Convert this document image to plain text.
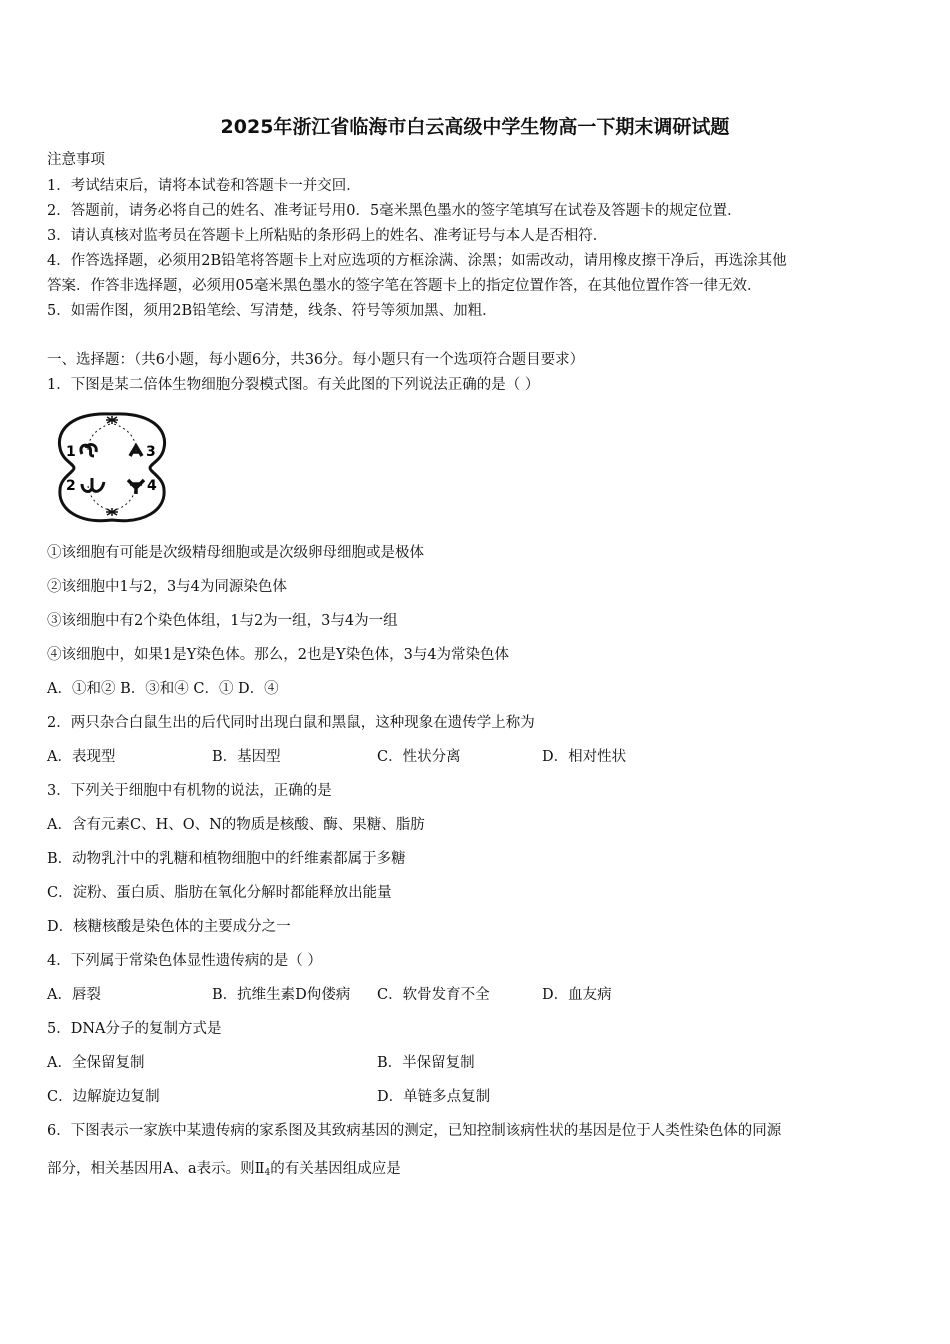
2025年浙江省临海市白云高级中学生物高一下期末调研试题
注意事项
1．考试结束后，请将本试卷和答题卡一并交回．
2．答题前，请务必将自己的姓名、准考证号用0．5毫米黑色墨水的签字笔填写在试卷及答题卡的规定位置．
3．请认真核对监考员在答题卡上所粘贴的条形码上的姓名、准考证号与本人是否相符．
4．作答选择题，必须用2B铅笔将答题卡上对应选项的方框涂满、涂黑；如需改动，请用橡皮擦干净后，再选涂其他
答案．作答非选择题，必须用05毫米黑色墨水的签字笔在答题卡上的指定位置作答，在其他位置作答一律无效．
5．如需作图，须用2B铅笔绘、写清楚，线条、符号等须加黑、加粗．
一、选择题：（共6小题，每小题6分，共36分。每小题只有一个选项符合题目要求）
1．下图是某二倍体生物细胞分裂模式图。有关此图的下列说法正确的是（ ）
1
2
3
4
①该细胞有可能是次级精母细胞或是次级卵母细胞或是极体
②该细胞中1与2，3与4为同源染色体
③该细胞中有2个染色体组，1与2为一组，3与4为一组
④该细胞中，如果1是Y染色体。那么，2也是Y染色体，3与4为常染色体
A．①和② B．③和④ C．① D．④
2．两只杂合白鼠生出的后代同时出现白鼠和黑鼠，这种现象在遗传学上称为
A．表现型	B．基因型	C．性状分离	D．相对性状
3．下列关于细胞中有机物的说法，正确的是
A．含有元素C、H、O、N的物质是核酸、酶、果糖、脂肪
B．动物乳汁中的乳糖和植物细胞中的纤维素都属于多糖
C．淀粉、蛋白质、脂肪在氧化分解时都能释放出能量
D．核糖核酸是染色体的主要成分之一
4．下列属于常染色体显性遗传病的是（ ）
A．唇裂	B．抗维生素D佝偻病 C．软骨发育不全	D．血友病
5．DNA分子的复制方式是
A．全保留复制	B．半保留复制
C．边解旋边复制	D．单链多点复制
6．下图表示一家族中某遗传病的家系图及其致病基因的测定，已知控制该病性状的基因是位于人类性染色体的同源
部分，相关基因用A、a表示。则$Ⅱ_4$的有关基因组成应是
